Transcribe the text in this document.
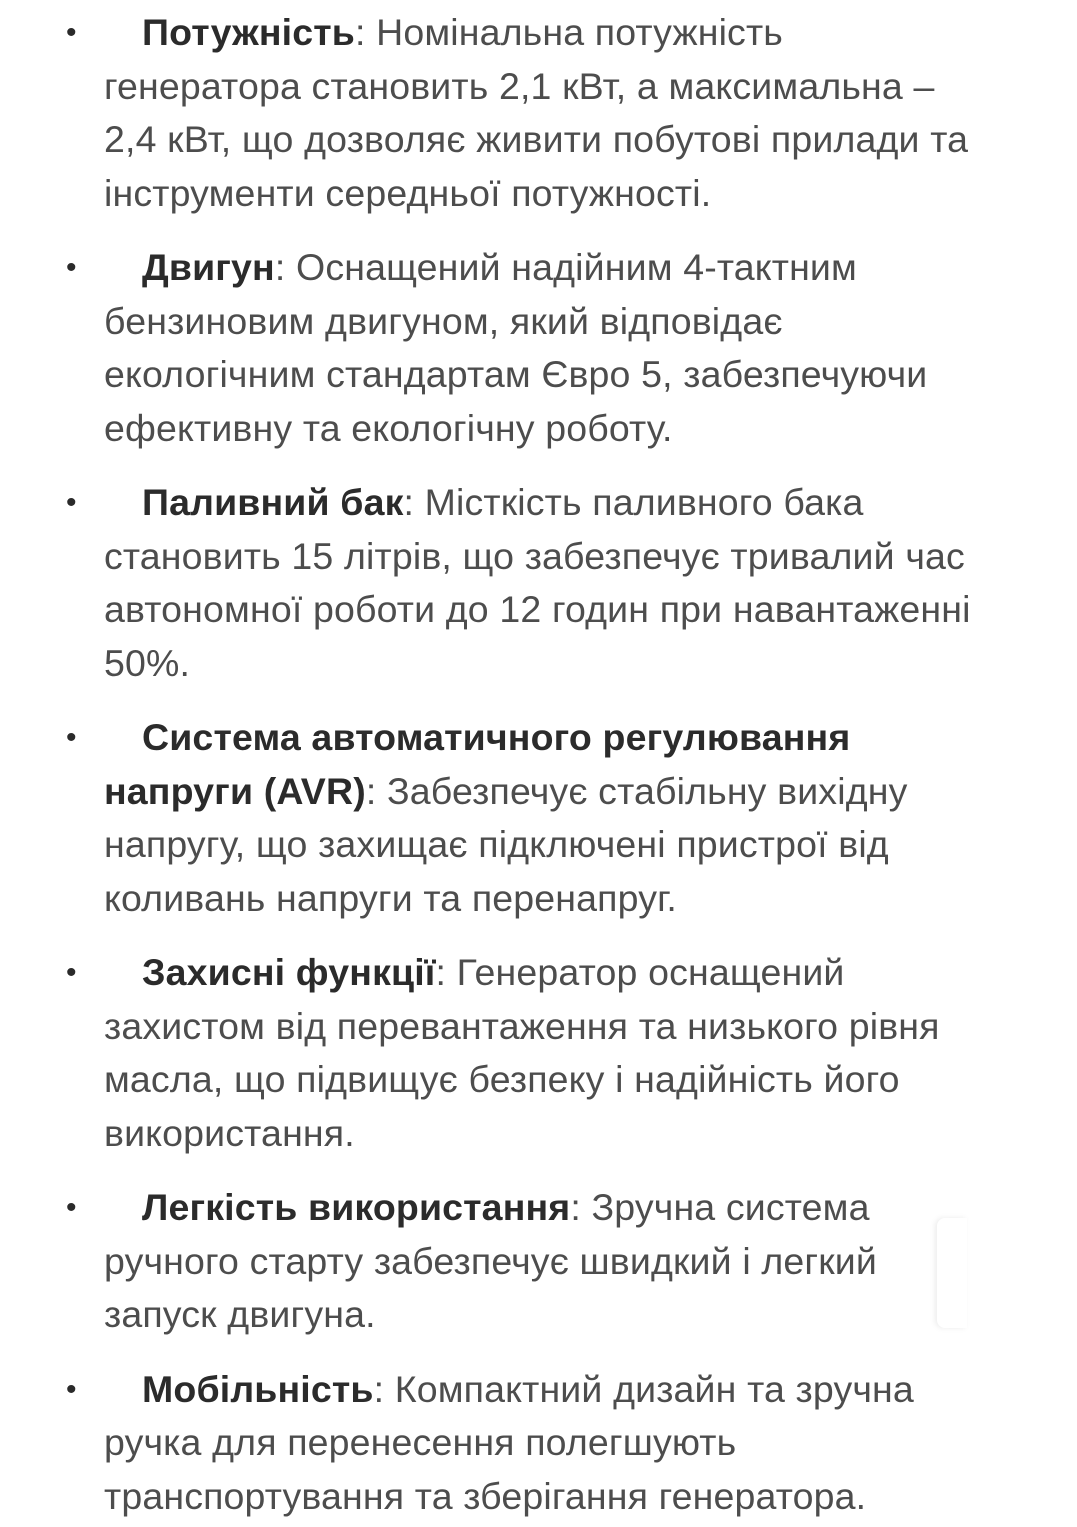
•	Потужність: Номінальна потужність генератора становить 2,1 кВт, а максимальна – 2,4 кВт, що дозволяє живити побутові прилади та інструменти середньої потужності.
•	Двигун: Оснащений надійним 4-тактним бензиновим двигуном, який відповідає екологічним стандартам Євро 5, забезпечуючи ефективну та екологічну роботу.
•	Паливний бак: Місткість паливного бака становить 15 літрів, що забезпечує тривалий час автономної роботи до 12 годин при навантаженні 50%.
•	Система автоматичного регулювання напруги (AVR): Забезпечує стабільну вихідну напругу, що захищає підключені пристрої від коливань напруги та перенапруг.
•	Захисні функції: Генератор оснащений захистом від перевантаження та низького рівня масла, що підвищує безпеку і надійність його використання.
•	Легкість використання: Зручна система ручного старту забезпечує швидкий і легкий запуск двигуна.
•	Мобільність: Компактний дизайн та зручна ручка для перенесення полегшують транспортування та зберігання генератора.
